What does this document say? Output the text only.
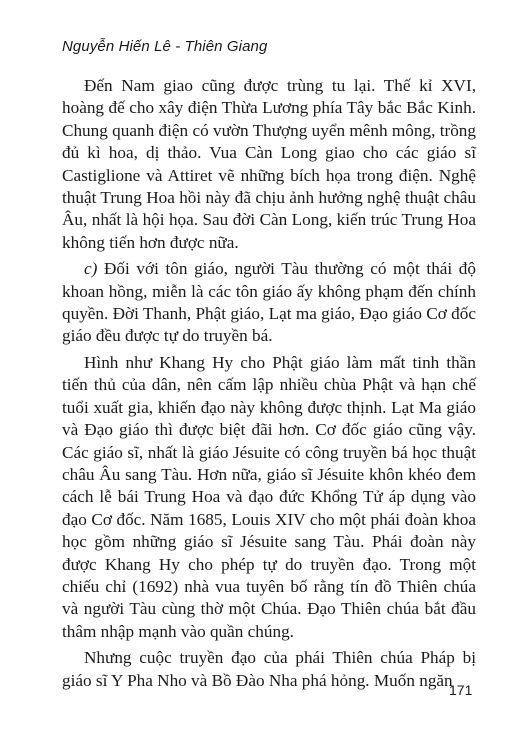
Nguyễn Hiến Lê - Thiên Giang

Đến Nam giao cũng được trùng tu lại. Thế kỉ XVI, hoàng đế cho xây điện Thừa Lương phía Tây bắc Bắc Kinh. Chung quanh điện có vườn Thượng uyển mênh mông, trồng đủ kì hoa, dị thảo. Vua Càn Long giao cho các giáo sĩ Castiglione và Attiret vẽ những bích họa trong điện. Nghệ thuật Trung Hoa hồi này đã chịu ảnh hưởng nghệ thuật châu Âu, nhất là hội họa. Sau đời Càn Long, kiến trúc Trung Hoa không tiến hơn được nữa.

c) Đối với tôn giáo, người Tàu thường có một thái độ khoan hồng, miễn là các tôn giáo ấy không phạm đến chính quyền. Đời Thanh, Phật giáo, Lạt ma giáo, Đạo giáo Cơ đốc giáo đều được tự do truyền bá.

Hình như Khang Hy cho Phật giáo làm mất tinh thần tiến thủ của dân, nên cấm lập nhiều chùa Phật và hạn chế tuổi xuất gia, khiến đạo này không được thịnh. Lạt Ma giáo và Đạo giáo thì được biệt đãi hơn. Cơ đốc giáo cũng vậy. Các giáo sĩ, nhất là giáo Jésuite có công truyền bá học thuật châu Âu sang Tàu. Hơn nữa, giáo sĩ Jésuite khôn khéo đem cách lễ bái Trung Hoa và đạo đức Khổng Tử áp dụng vào đạo Cơ đốc. Năm 1685, Louis XIV cho một phái đoàn khoa học gồm những giáo sĩ Jésuite sang Tàu. Phái đoàn này được Khang Hy cho phép tự do truyền đạo. Trong một chiếu chỉ (1692) nhà vua tuyên bố rằng tín đồ Thiên chúa và người Tàu cùng thờ một Chúa. Đạo Thiên chúa bắt đầu thâm nhập mạnh vào quần chúng.

Nhưng cuộc truyền đạo của phái Thiên chúa Pháp bị giáo sĩ Y Pha Nho và Bồ Đào Nha phá hỏng. Muốn ngăn

171
